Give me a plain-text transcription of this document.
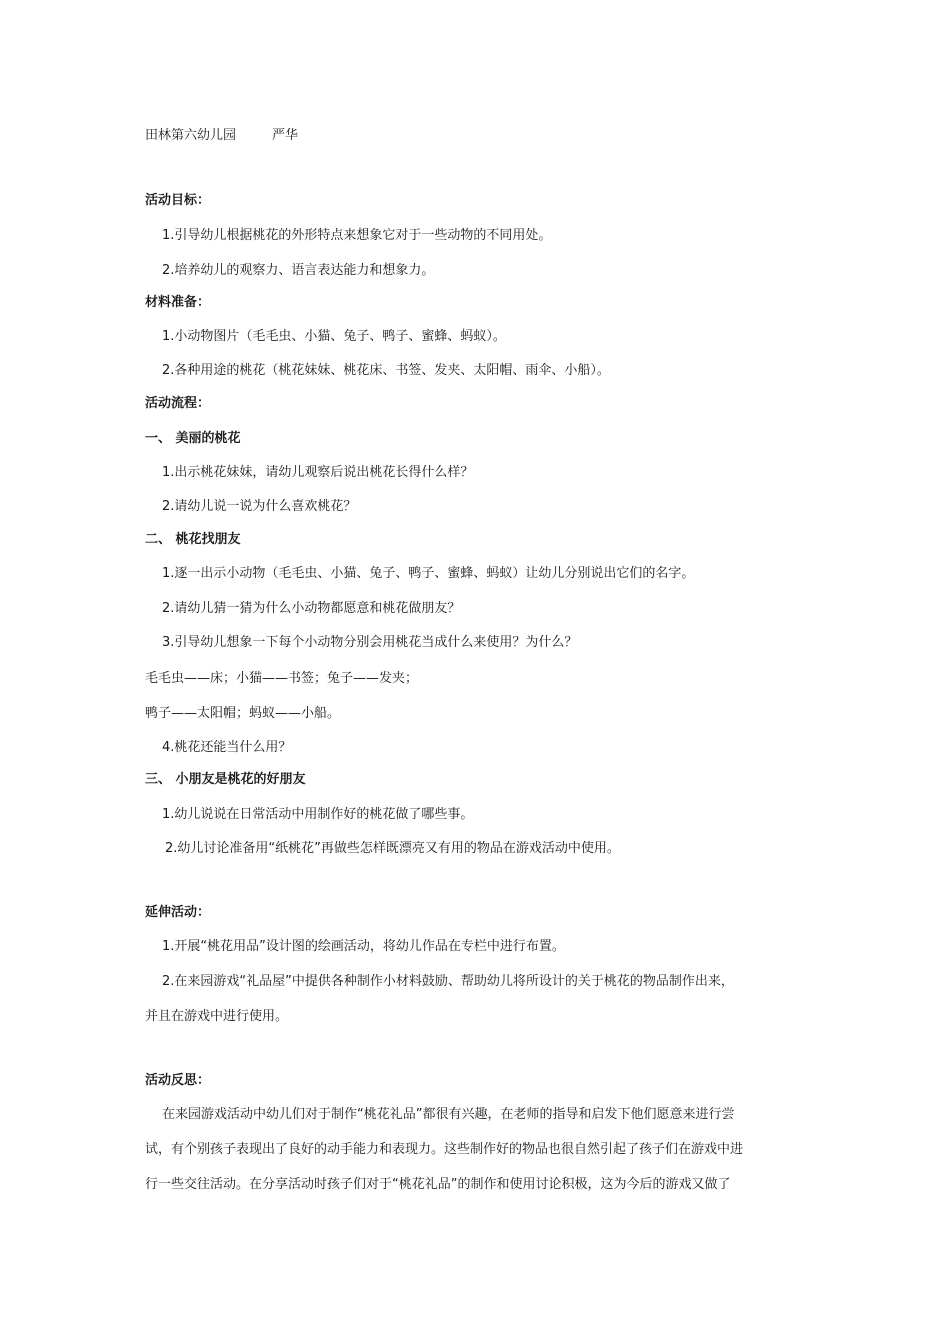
田林第六幼儿园	严华
活动目标：
1.引导幼儿根据桃花的外形特点来想象它对于一些动物的不同用处。
2.培养幼儿的观察力、语言表达能力和想象力。
材料准备：
1.小动物图片（毛毛虫、小猫、兔子、鸭子、蜜蜂、蚂蚁）。
2.各种用途的桃花（桃花妹妹、桃花床、书签、发夹、太阳帽、雨伞、小船）。
活动流程：
一、 美丽的桃花
1.出示桃花妹妹，请幼儿观察后说出桃花长得什么样？
2.请幼儿说一说为什么喜欢桃花？
二、 桃花找朋友
1.逐一出示小动物（毛毛虫、小猫、兔子、鸭子、蜜蜂、蚂蚁）让幼儿分别说出它们的名字。
2.请幼儿猜一猜为什么小动物都愿意和桃花做朋友？
3.引导幼儿想象一下每个小动物分别会用桃花当成什么来使用？为什么？
毛毛虫——床；小猫——书签；兔子——发夹；
鸭子——太阳帽；蚂蚁——小船。
4.桃花还能当什么用？
三、 小朋友是桃花的好朋友
1.幼儿说说在日常活动中用制作好的桃花做了哪些事。
2.幼儿讨论准备用“纸桃花”再做些怎样既漂亮又有用的物品在游戏活动中使用。
延伸活动：
1.开展“桃花用品”设计图的绘画活动，将幼儿作品在专栏中进行布置。
2.在来园游戏“礼品屋”中提供各种制作小材料鼓励、帮助幼儿将所设计的关于桃花的物品制作出来，
并且在游戏中进行使用。
活动反思：
在来园游戏活动中幼儿们对于制作“桃花礼品”都很有兴趣，在老师的指导和启发下他们愿意来进行尝
试，有个别孩子表现出了良好的动手能力和表现力。这些制作好的物品也很自然引起了孩子们在游戏中进
行一些交往活动。在分享活动时孩子们对于“桃花礼品”的制作和使用讨论积极，这为今后的游戏又做了
